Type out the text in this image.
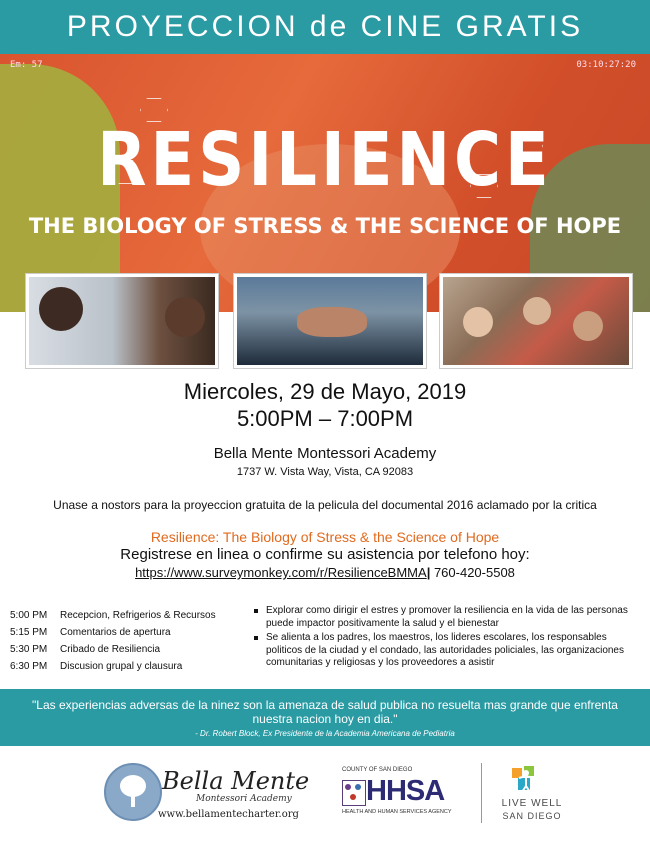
PROYECCION de CINE GRATIS
Em: 57	03:10:27:20
RESILIENCE
THE BIOLOGY OF STRESS & THE SCIENCE OF HOPE
Miercoles, 29 de Mayo, 2019
5:00PM – 7:00PM
Bella Mente Montessori Academy
1737 W. Vista Way, Vista, CA 92083
Unase a nostors para la proyeccion gratuita de la pelicula del documental 2016 aclamado por la critica
Resilience: The Biology of Stress & the Science of Hope
Registrese en linea o confirme su asistencia por telefono hoy:
https://www.surveymonkey.com/r/ResilienceBMMA| 760-420-5508
5:00 PM Recepcion, Refrigerios & Recursos
5:15 PM Comentarios de apertura
5:30 PM Cribado de Resiliencia
6:30 PM Discusion grupal y clausura
Explorar como dirigir el estres y promover la resiliencia en la vida de las personas puede impactor positivamente la salud y el bienestar
Se alienta a los padres, los maestros, los lideres escolares, los responsables politicos de la ciudad y el condado, las autoridades policiales, las organizaciones comunitarias y religiosas y los proveedores a asistir
"Las experiencias adversas de la ninez son la amenaza de salud publica no resuelta mas grande que enfrenta nuestra nacion hoy en dia."
- Dr. Robert Block, Ex Presidente de la Academia Americana de Pediatria
Bella Mente
Montessori Academy
www.bellamentecharter.org
COUNTY OF SAN DIEGO
HHSA
HEALTH AND HUMAN SERVICES AGENCY
LIVE WELL
SAN DIEGO
